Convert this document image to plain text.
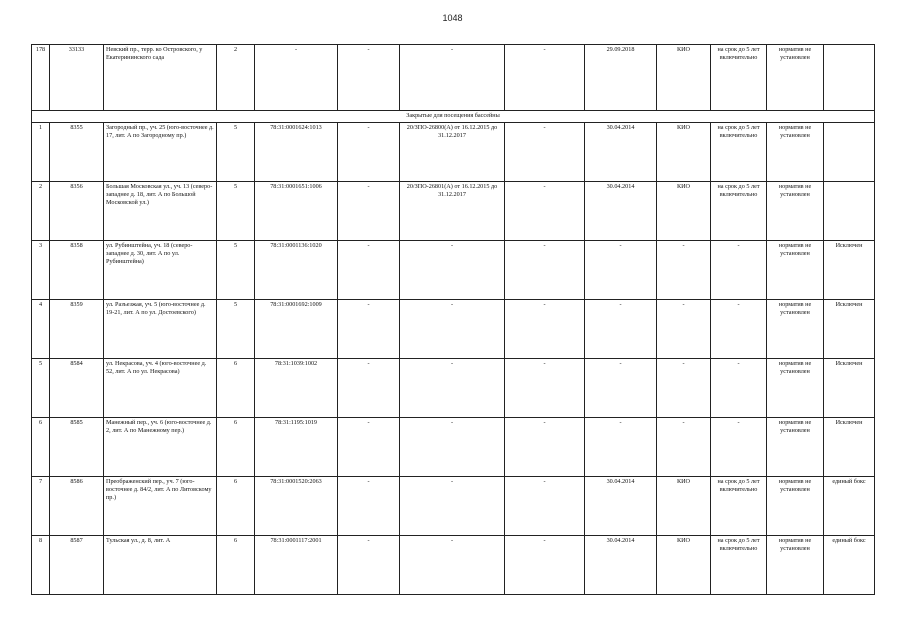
1048
178	33133	Невский пр., терр. ко Островского, у Екатерининского сада	2	-	-	-	-	29.09.2018	КИО	на срок до 5 лет включительно	норматив не установлен	
Закрытые для посещения бассейны												
1	8355	Загородный пр., уч. 25 (юго-восточнее д. 17, лит. А по Загородному пр.)	5	78:31:0001624:1013	-	20/ЗПО-26800(А) от 16.12.2015 до 31.12.2017	-	30.04.2014	КИО	на срок до 5 лет включительно	норматив не установлен	
2	8356	Большая Московская ул., уч. 13 (северо-западнее д. 18, лит. А по Большой Московской ул.)	5	78:31:0001651:1006	-	20/ЗПО-26801(А) от 16.12.2015 до 31.12.2017	-	30.04.2014	КИО	на срок до 5 лет включительно	норматив не установлен	
3	8358	ул. Рубинштейна, уч. 18 (северо-западнее д. 30, лит. А по ул. Рубинштейна)	5	78:31:0001136:1020	-	-	-	-	-	-	норматив не установлен	Исключен
4	8359	ул. Разъезжая, уч. 5 (юго-восточнее д. 19-21, лит. А по ул. Достоевского)	5	78:31:0001692:1009	-	-	-	-	-	-	норматив не установлен	Исключен
5	8584	ул. Некрасова, уч. 4 (юго-восточнее д. 52, лит. А по ул. Некрасова)	6	78:31:1039:1002	-	-	-	-	-	-	норматив не установлен	Исключен
6	8585	Манежный пер., уч. 6 (юго-восточнее д. 2, лит. А по Манежному пер.)	6	78:31:1195:1019	-	-	-	-	-	-	норматив не установлен	Исключен
7	8586	Преображенский пер., уч. 7 (юго-восточнее д. 84/2, лит. А по Литовскому пр.)	6	78:31:0001520:2063	-	-	-	30.04.2014	КИО	на срок до 5 лет включительно	норматив не установлен	единый бокс
8	8587	Тульская ул., д. 8, лит. А	6	78:31:0001117:2001	-	-	-	30.04.2014	КИО	на срок до 5 лет включительно	норматив не установлен	единый бокс
